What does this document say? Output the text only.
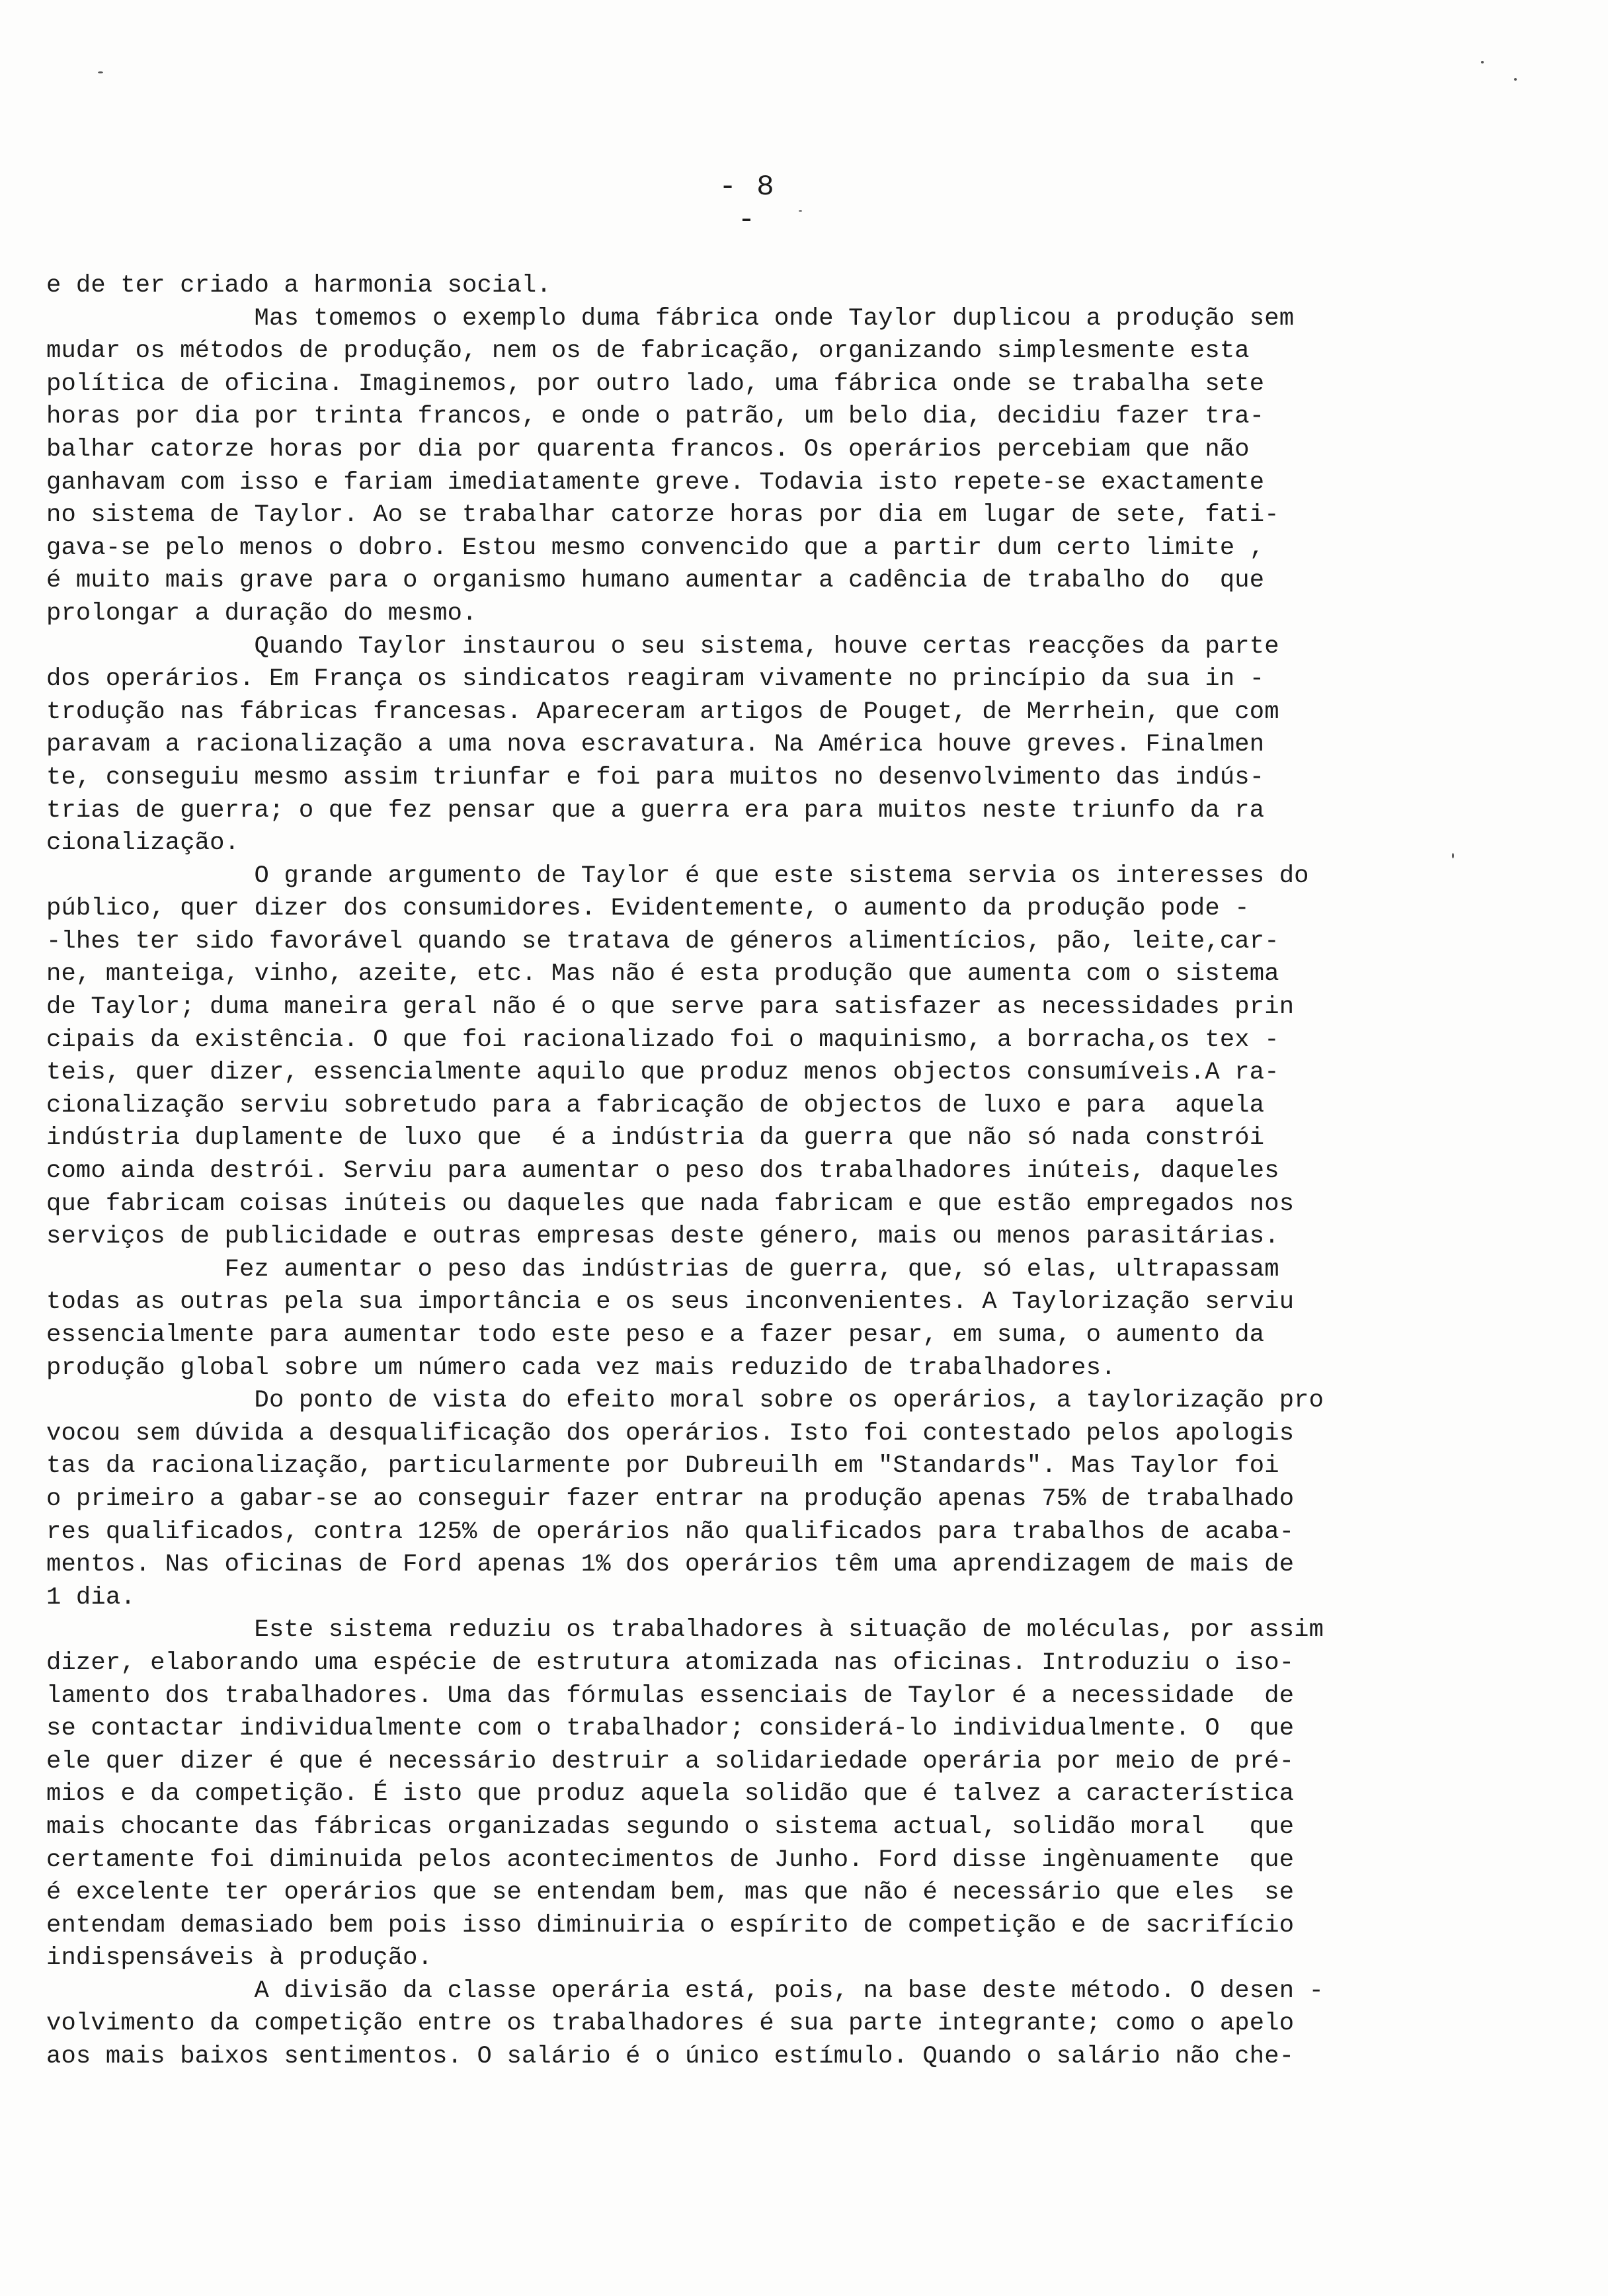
- 8 -
e de ter criado a harmonia social.
Mas tomemos o exemplo duma fábrica onde Taylor duplicou a produção sem
mudar os métodos de produção, nem os de fabricação, organizando simplesmente esta
política de oficina. Imaginemos, por outro lado, uma fábrica onde se trabalha sete
horas por dia por trinta francos, e onde o patrão, um belo dia, decidiu fazer tra-
balhar catorze horas por dia por quarenta francos. Os operários percebiam que não
ganhavam com isso e fariam imediatamente greve. Todavia isto repete-se exactamente
no sistema de Taylor. Ao se trabalhar catorze horas por dia em lugar de sete, fati-
gava-se pelo menos o dobro. Estou mesmo convencido que a partir dum certo limite ,
é muito mais grave para o organismo humano aumentar a cadência de trabalho do  que
prolongar a duração do mesmo.
Quando Taylor instaurou o seu sistema, houve certas reacções da parte
dos operários. Em França os sindicatos reagiram vivamente no princípio da sua in -
trodução nas fábricas francesas. Apareceram artigos de Pouget, de Merrhein, que com
paravam a racionalização a uma nova escravatura. Na América houve greves. Finalmen
te, conseguiu mesmo assim triunfar e foi para muitos no desenvolvimento das indús-
trias de guerra; o que fez pensar que a guerra era para muitos neste triunfo da ra
cionalização.
O grande argumento de Taylor é que este sistema servia os interesses do
público, quer dizer dos consumidores. Evidentemente, o aumento da produção pode -
-lhes ter sido favorável quando se tratava de géneros alimentícios, pão, leite,car-
ne, manteiga, vinho, azeite, etc. Mas não é esta produção que aumenta com o sistema
de Taylor; duma maneira geral não é o que serve para satisfazer as necessidades prin
cipais da existência. O que foi racionalizado foi o maquinismo, a borracha,os tex -
teis, quer dizer, essencialmente aquilo que produz menos objectos consumíveis.A ra-
cionalização serviu sobretudo para a fabricação de objectos de luxo e para  aquela
indústria duplamente de luxo que  é a indústria da guerra que não só nada constrói
como ainda destrói. Serviu para aumentar o peso dos trabalhadores inúteis, daqueles
que fabricam coisas inúteis ou daqueles que nada fabricam e que estão empregados nos
serviços de publicidade e outras empresas deste género, mais ou menos parasitárias.
Fez aumentar o peso das indústrias de guerra, que, só elas, ultrapassam
todas as outras pela sua importância e os seus inconvenientes. A Taylorização serviu
essencialmente para aumentar todo este peso e a fazer pesar, em suma, o aumento da
produção global sobre um número cada vez mais reduzido de trabalhadores.
Do ponto de vista do efeito moral sobre os operários, a taylorização pro
vocou sem dúvida a desqualificação dos operários. Isto foi contestado pelos apologis
tas da racionalização, particularmente por Dubreuilh em "Standards". Mas Taylor foi
o primeiro a gabar-se ao conseguir fazer entrar na produção apenas 75% de trabalhado
res qualificados, contra 125% de operários não qualificados para trabalhos de acaba-
mentos. Nas oficinas de Ford apenas 1% dos operários têm uma aprendizagem de mais de
1 dia.
Este sistema reduziu os trabalhadores à situação de moléculas, por assim
dizer, elaborando uma espécie de estrutura atomizada nas oficinas. Introduziu o iso-
lamento dos trabalhadores. Uma das fórmulas essenciais de Taylor é a necessidade  de
se contactar individualmente com o trabalhador; considerá-lo individualmente. O  que
ele quer dizer é que é necessário destruir a solidariedade operária por meio de pré-
mios e da competição. É isto que produz aquela solidão que é talvez a característica
mais chocante das fábricas organizadas segundo o sistema actual, solidão moral   que
certamente foi diminuida pelos acontecimentos de Junho. Ford disse ingènuamente  que
é excelente ter operários que se entendam bem, mas que não é necessário que eles  se
entendam demasiado bem pois isso diminuiria o espírito de competição e de sacrifício
indispensáveis à produção.
A divisão da classe operária está, pois, na base deste método. O desen -
volvimento da competição entre os trabalhadores é sua parte integrante; como o apelo
aos mais baixos sentimentos. O salário é o único estímulo. Quando o salário não che-
